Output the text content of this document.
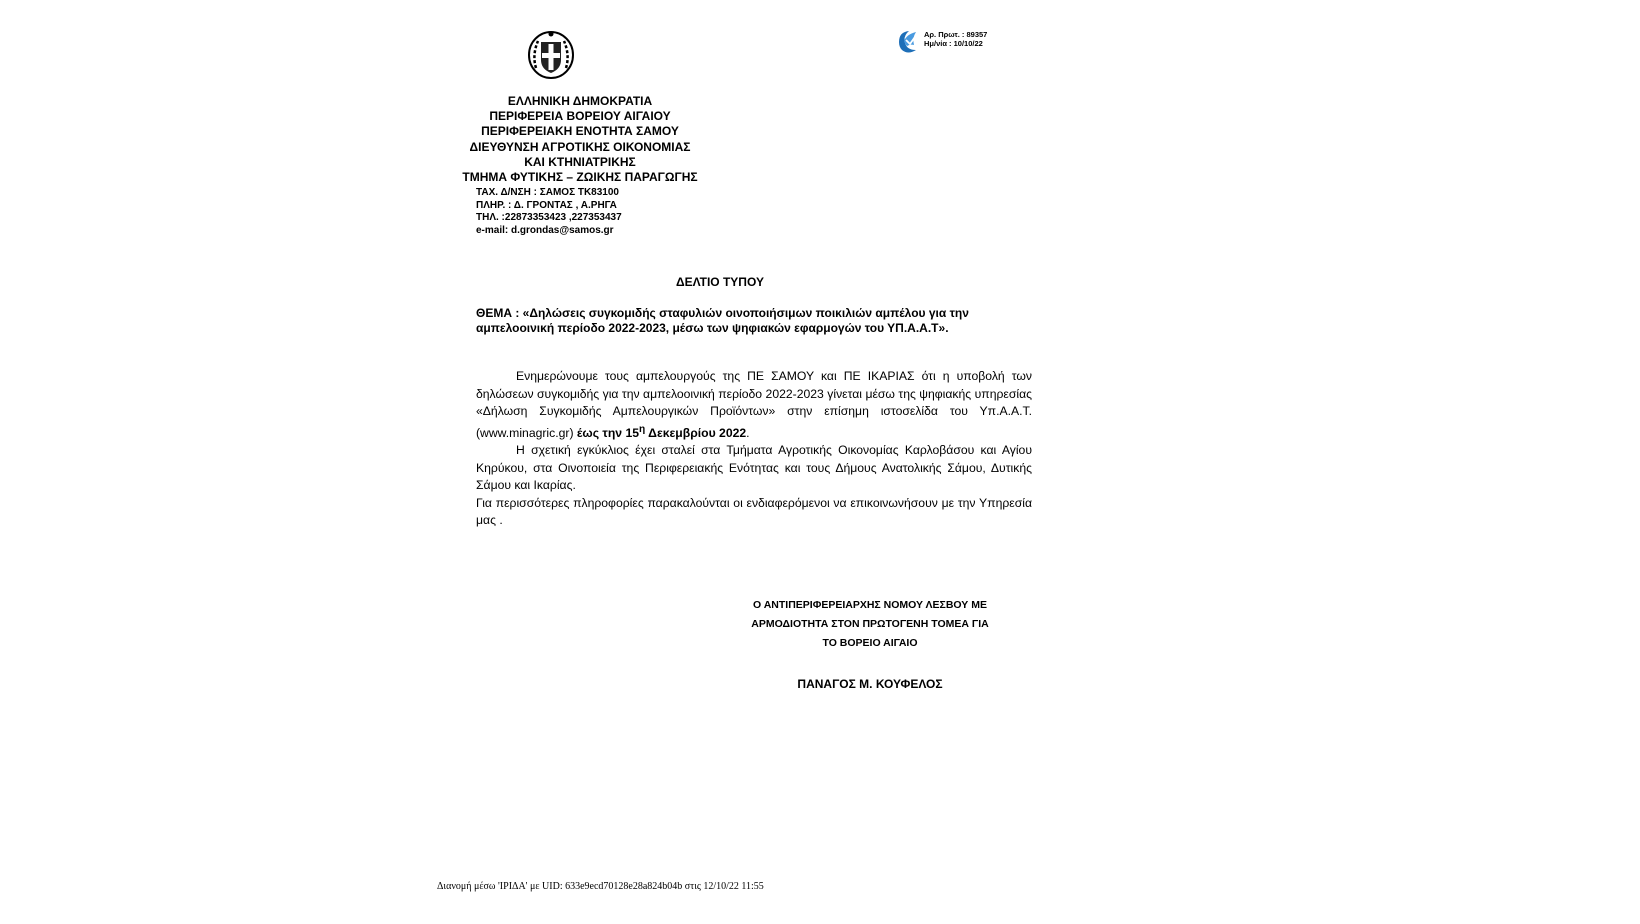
Αρ. Πρωτ. : 89357
Ημ/νία : 10/10/22
ΕΛΛΗΝΙΚΗ ΔΗΜΟΚΡΑΤΙΑ
ΠΕΡΙΦΕΡΕΙΑ ΒΟΡΕΙΟΥ ΑΙΓΑΙΟΥ
ΠΕΡΙΦΕΡΕΙΑΚΗ ΕΝΟΤΗΤΑ ΣΑΜΟΥ
ΔΙΕΥΘΥΝΣΗ ΑΓΡΟΤΙΚΗΣ ΟΙΚΟΝΟΜΙΑΣ
ΚΑΙ ΚΤΗΝΙΑΤΡΙΚΗΣ
ΤΜΗΜΑ ΦΥΤΙΚΗΣ – ΖΩΙΚΗΣ ΠΑΡΑΓΩΓΗΣ
ΤΑΧ. Δ/ΝΣΗ : ΣΑΜΟΣ ΤΚ83100
ΠΛΗΡ. : Δ. ΓΡΟΝΤΑΣ , Α.ΡΗΓΑ
ΤΗΛ. :22873353423 ,227353437
e-mail: d.grondas@samos.gr
ΔΕΛΤΙΟ ΤΥΠΟΥ
ΘΕΜΑ : «Δηλώσεις συγκομιδής σταφυλιών οινοποιήσιμων ποικιλιών αμπέλου για την αμπελοοινική περίοδο 2022-2023, μέσω των ψηφιακών εφαρμογών του ΥΠ.Α.Α.Τ».

Ενημερώνουμε τους αμπελουργούς της ΠΕ ΣΑΜΟΥ και ΠΕ ΙΚΑΡΙΑΣ ότι η υποβολή των δηλώσεων συγκομιδής για την αμπελοοινική περίοδο 2022-2023 γίνεται μέσω της ψηφιακής υπηρεσίας «Δήλωση Συγκομιδής Αμπελουργικών Προϊόντων» στην επίσημη ιστοσελίδα του Υπ.Α.Α.Τ. (www.minagric.gr) έως την $15^\eta$ Δεκεμβρίου 2022.

Η σχετική εγκύκλιος έχει σταλεί στα Τμήματα Αγροτικής Οικονομίας Καρλοβάσου και Αγίου Κηρύκου, στα Οινοποιεία της Περιφερειακής Ενότητας και τους Δήμους Ανατολικής Σάμου, Δυτικής Σάμου και Ικαρίας.

Για περισσότερες πληροφορίες παρακαλούνται οι ενδιαφερόμενοι να επικοινωνήσουν με την Υπηρεσία μας .

Ο ΑΝΤΙΠΕΡΙΦΕΡΕΙΑΡΧΗΣ ΝΟΜΟΥ ΛΕΣΒΟΥ ΜΕ
ΑΡΜΟΔΙΟΤΗΤΑ ΣΤΟΝ ΠΡΩΤΟΓΕΝΗ ΤΟΜΕΑ ΓΙΑ
ΤΟ ΒΟΡΕΙΟ ΑΙΓΑΙΟ
ΠΑΝΑΓΟΣ Μ. ΚΟΥΦΕΛΟΣ
Διανομή μέσω 'ΙΡΙΔΑ' με UID: 633e9ecd70128e28a824b04b στις 12/10/22 11:55
